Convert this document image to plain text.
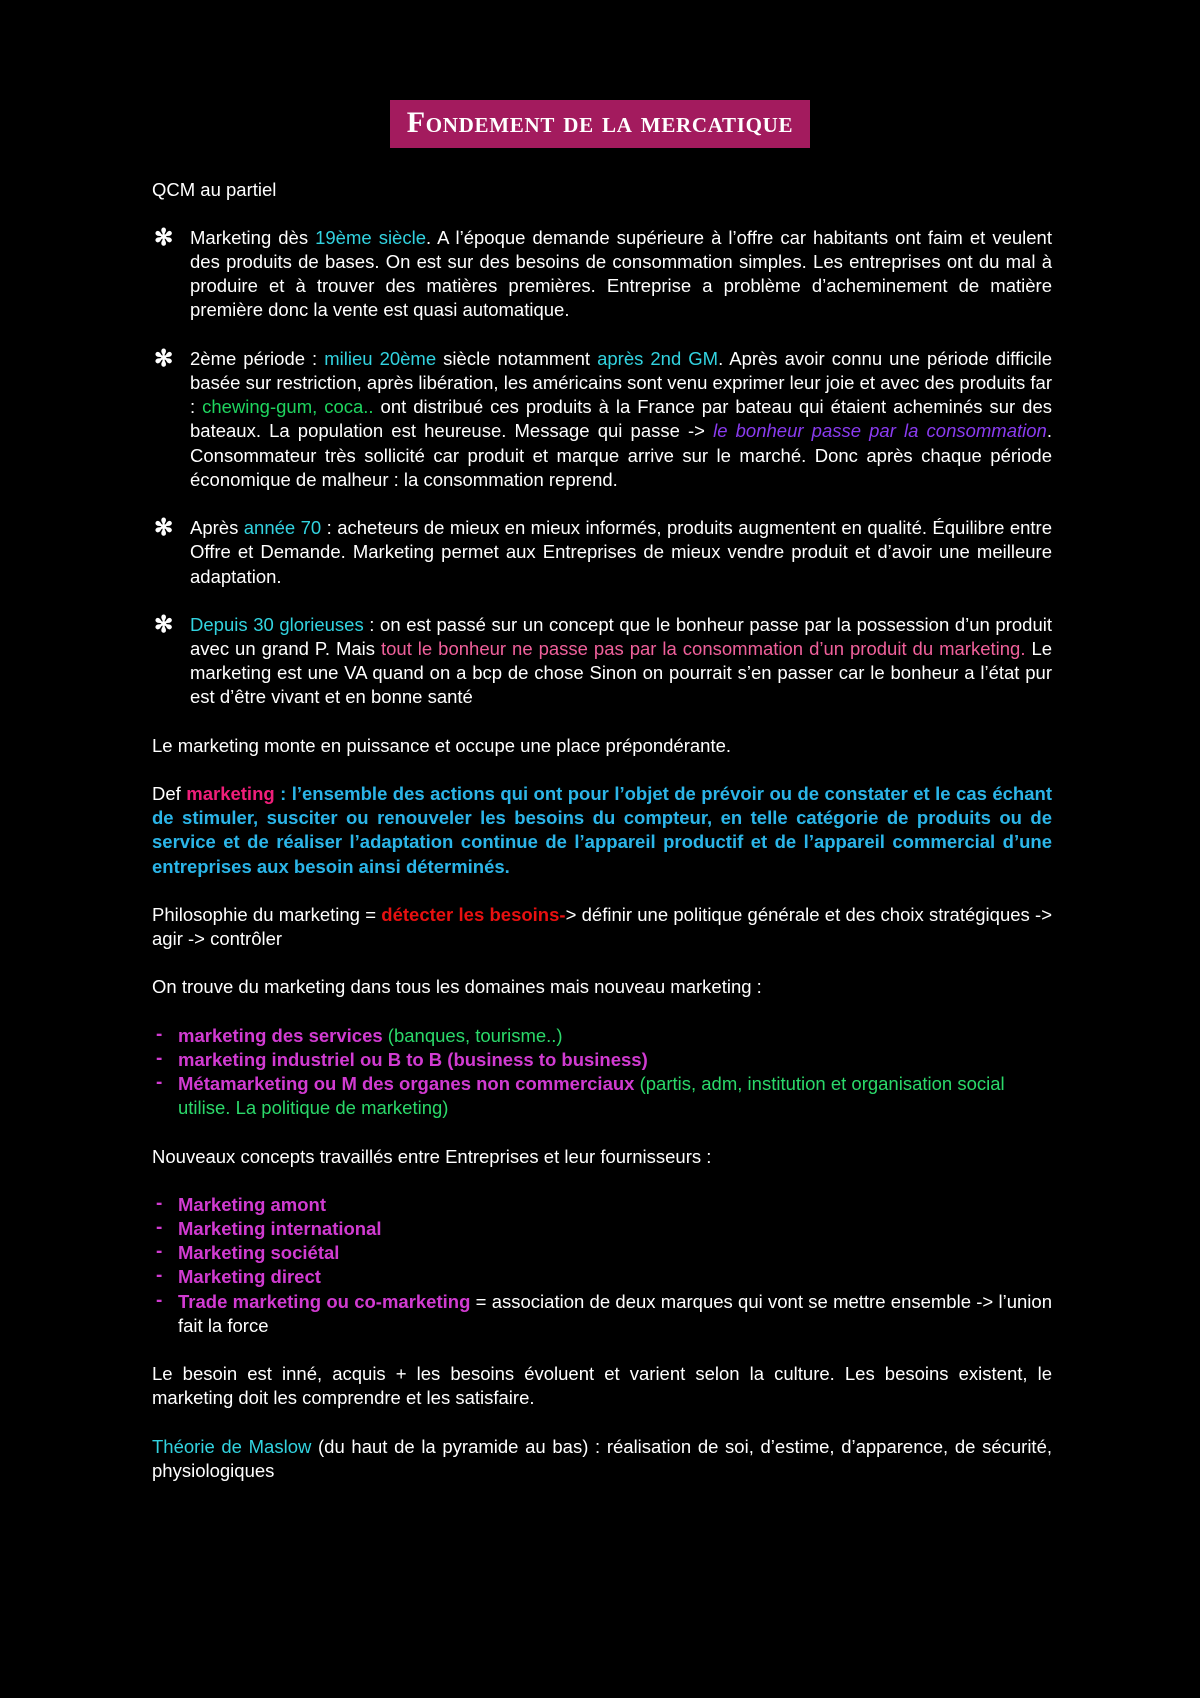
Fondement de la mercatique

QCM au partiel

✻ Marketing dès 19ème siècle. A l’époque demande supérieure à l’offre car habitants ont faim et veulent des produits de bases. On est sur des besoins de consommation simples. Les entreprises ont du mal à produire et à trouver des matières premières. Entreprise a problème d’acheminement de matière première donc la vente est quasi automatique.
✻ 2ème période : milieu 20ème siècle notamment après 2nd GM. Après avoir connu une période difficile basée sur restriction, après libération, les américains sont venu exprimer leur joie et avec des produits far : chewing-gum, coca.. ont distribué ces produits à la France par bateau qui étaient acheminés sur des bateaux. La population est heureuse. Message qui passe -> le bonheur passe par la consommation. Consommateur très sollicité car produit et marque arrive sur le marché. Donc après chaque période économique de malheur : la consommation reprend.
✻ Après année 70 : acheteurs de mieux en mieux informés, produits augmentent en qualité. Équilibre entre Offre et Demande. Marketing permet aux Entreprises de mieux vendre produit et d’avoir une meilleure adaptation.
✻ Depuis 30 glorieuses : on est passé sur un concept que le bonheur passe par la possession d’un produit avec un grand P. Mais tout le bonheur ne passe pas par la consommation d’un produit du marketing. Le marketing est une VA quand on a bcp de chose Sinon on pourrait s’en passer car le bonheur a l’état pur est d’être vivant et en bonne santé

Le marketing monte en puissance et occupe une place prépondérante.

Def marketing : l’ensemble des actions qui ont pour l’objet de prévoir ou de constater et le cas échant de stimuler, susciter ou renouveler les besoins du compteur, en telle catégorie de produits ou de service et de réaliser l’adaptation continue de l’appareil productif et de l’appareil commercial d’une entreprises aux besoin ainsi déterminés.

Philosophie du marketing = détecter les besoins-> définir une politique générale et des choix stratégiques -> agir -> contrôler

On trouve du marketing dans tous les domaines mais nouveau marketing :

- marketing des services (banques, tourisme..)
- marketing industriel ou B to B (business to business)
- Métamarketing ou M des organes non commerciaux (partis, adm, institution et organisation social utilise. La politique de marketing)

Nouveaux concepts travaillés entre Entreprises et leur fournisseurs :

- Marketing amont
- Marketing international
- Marketing sociétal
- Marketing direct
- Trade marketing ou co-marketing = association de deux marques qui vont se mettre ensemble -> l’union fait la force

Le besoin est inné, acquis + les besoins évoluent et varient selon la culture. Les besoins existent, le marketing doit les comprendre et les satisfaire.

Théorie de Maslow (du haut de la pyramide au bas) : réalisation de soi, d’estime, d’apparence, de sécurité, physiologiques
